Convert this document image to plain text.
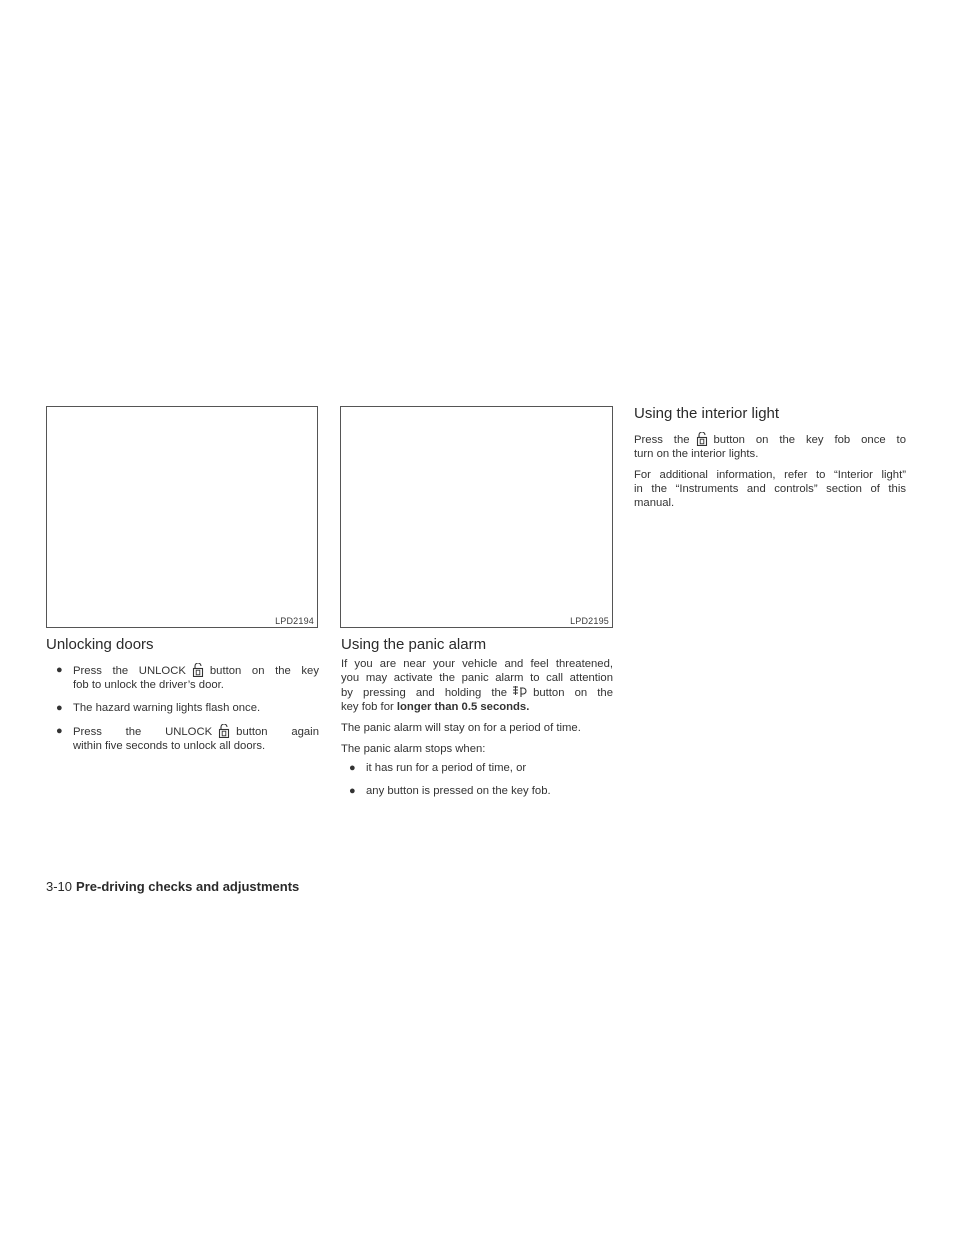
LPD2194	LPD2195
Unlocking doors
● Press the UNLOCK button on the key
fob to unlock the driver’s door.
● The hazard warning lights flash once.
● Press the UNLOCK button again
within five seconds to unlock all doors.
Using the panic alarm

If you are near your vehicle and feel threatened,
you may activate the panic alarm to call attention
by pressing and holding the button on the
key fob for longer than 0.5 seconds.

The panic alarm will stay on for a period of time.

The panic alarm stops when:

● it has run for a period of time, or
● any button is pressed on the key fob.
Using the interior light

Press the button on the key fob once to
turn on the interior lights.

For additional information, refer to “Interior light”
in the “Instruments and controls” section of this
manual.

3-10 Pre-driving checks and adjustments
